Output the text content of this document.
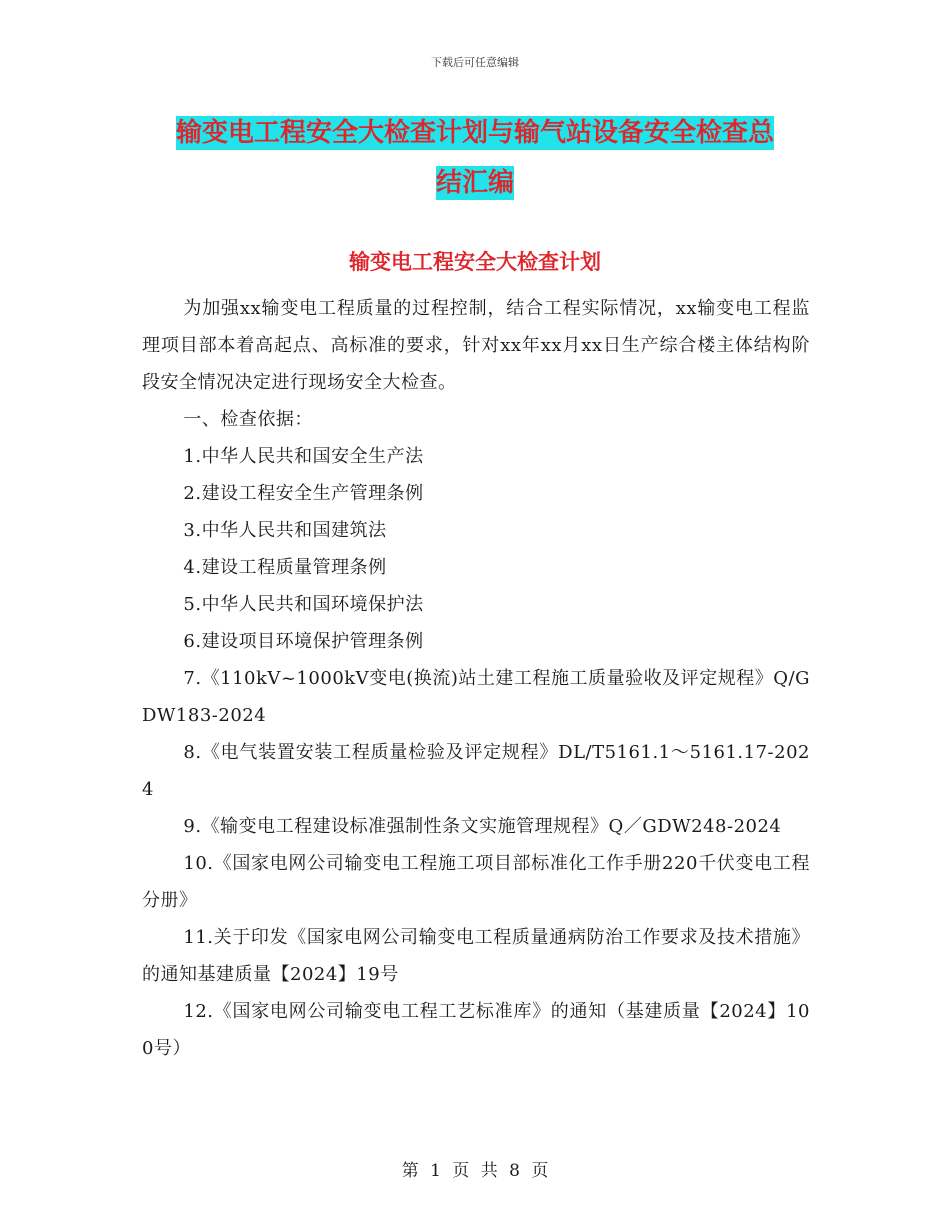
下载后可任意编辑
输变电工程安全大检查计划与输气站设备安全检查总
结汇编
输变电工程安全大检查计划

为加强xx输变电工程质量的过程控制，结合工程实际情况，xx输变电工程监理项目部本着高起点、高标准的要求，针对xx年xx月xx日生产综合楼主体结构阶段安全情况决定进行现场安全大检查。

一、检查依据：

1.中华人民共和国安全生产法

2.建设工程安全生产管理条例

3.中华人民共和国建筑法

4.建设工程质量管理条例

5.中华人民共和国环境保护法

6.建设项目环境保护管理条例

7.《110kV~1000kV变电(换流)站土建工程施工质量验收及评定规程》Q/GDW183-2024

8.《电气装置安装工程质量检验及评定规程》DL/T5161.1～5161.17-2024

9.《输变电工程建设标准强制性条文实施管理规程》Q／GDW248-2024

10.《国家电网公司输变电工程施工项目部标准化工作手册220千伏变电工程分册》

11.关于印发《国家电网公司输变电工程质量通病防治工作要求及技术措施》的通知基建质量【2024】19号

12.《国家电网公司输变电工程工艺标准库》的通知（基建质量【2024】100号）

第 1 页 共 8 页
